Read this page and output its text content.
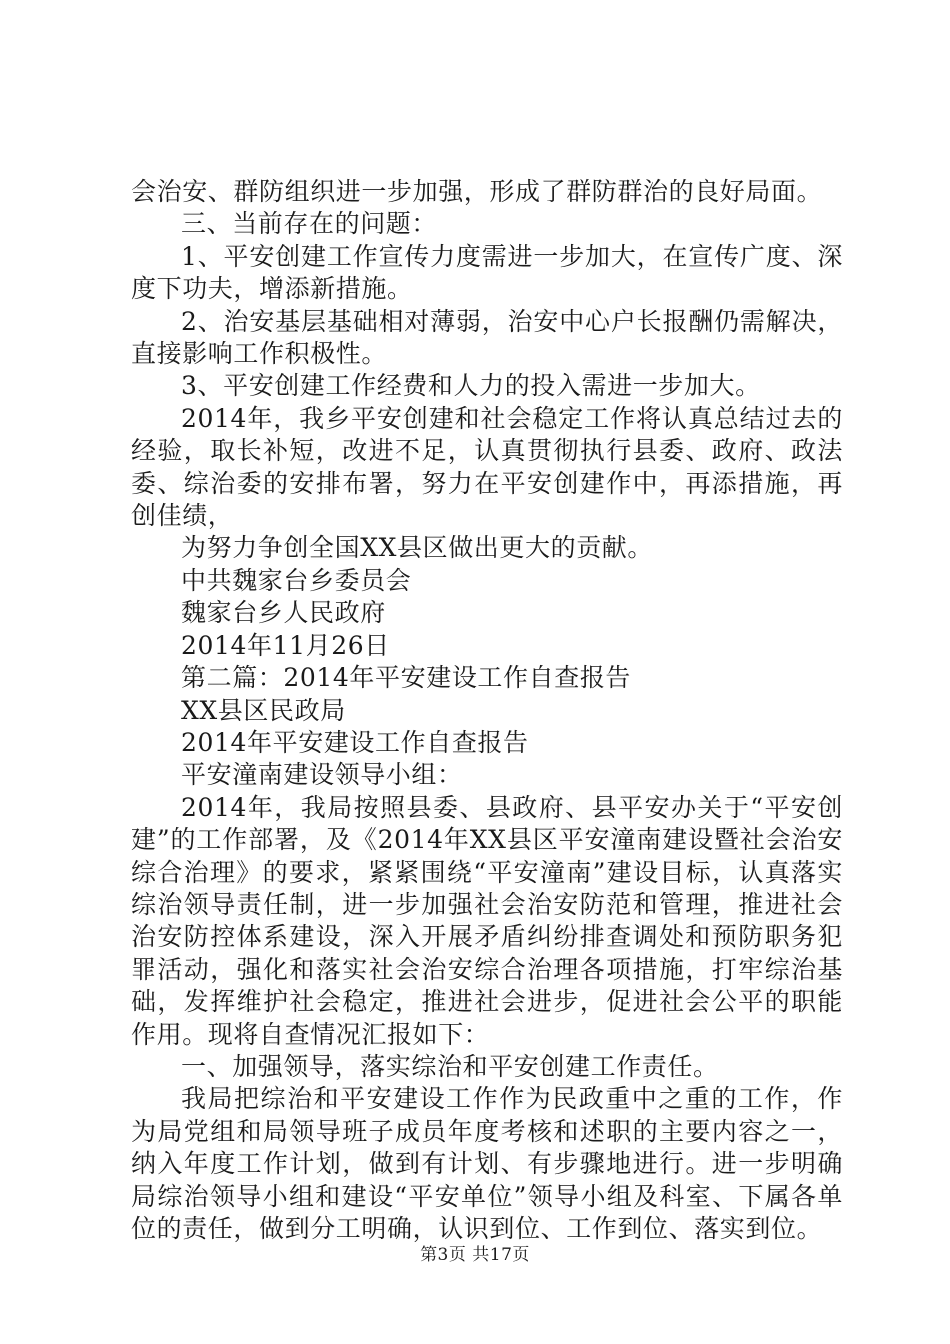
会治安、群防组织进一步加强，形成了群防群治的良好局面。

三、当前存在的问题：

1、平安创建工作宣传力度需进一步加大，在宣传广度、深度下功夫，增添新措施。

2、治安基层基础相对薄弱，治安中心户长报酬仍需解决，直接影响工作积极性。

3、平安创建工作经费和人力的投入需进一步加大。

2014年，我乡平安创建和社会稳定工作将认真总结过去的经验，取长补短，改进不足，认真贯彻执行县委、政府、政法委、综治委的安排布署，努力在平安创建作中，再添措施，再创佳绩，

为努力争创全国XX县区做出更大的贡献。

中共魏家台乡委员会

魏家台乡人民政府

2014年11月26日

第二篇：2014年平安建设工作自查报告

XX县区民政局

2014年平安建设工作自查报告

平安潼南建设领导小组：

2014年，我局按照县委、县政府、县平安办关于“平安创建”的工作部署，及《2014年XX县区平安潼南建设暨社会治安综合治理》的要求，紧紧围绕“平安潼南”建设目标，认真落实综治领导责任制，进一步加强社会治安防范和管理，推进社会治安防控体系建设，深入开展矛盾纠纷排查调处和预防职务犯罪活动，强化和落实社会治安综合治理各项措施，打牢综治基础，发挥维护社会稳定，推进社会进步，促进社会公平的职能作用。现将自查情况汇报如下：

一、加强领导，落实综治和平安创建工作责任。

我局把综治和平安建设工作作为民政重中之重的工作，作为局党组和局领导班子成员年度考核和述职的主要内容之一，纳入年度工作计划，做到有计划、有步骤地进行。进一步明确局综治领导小组和建设“平安单位”领导小组及科室、下属各单位的责任，做到分工明确，认识到位、工作到位、落实到位。

第3页 共17页
